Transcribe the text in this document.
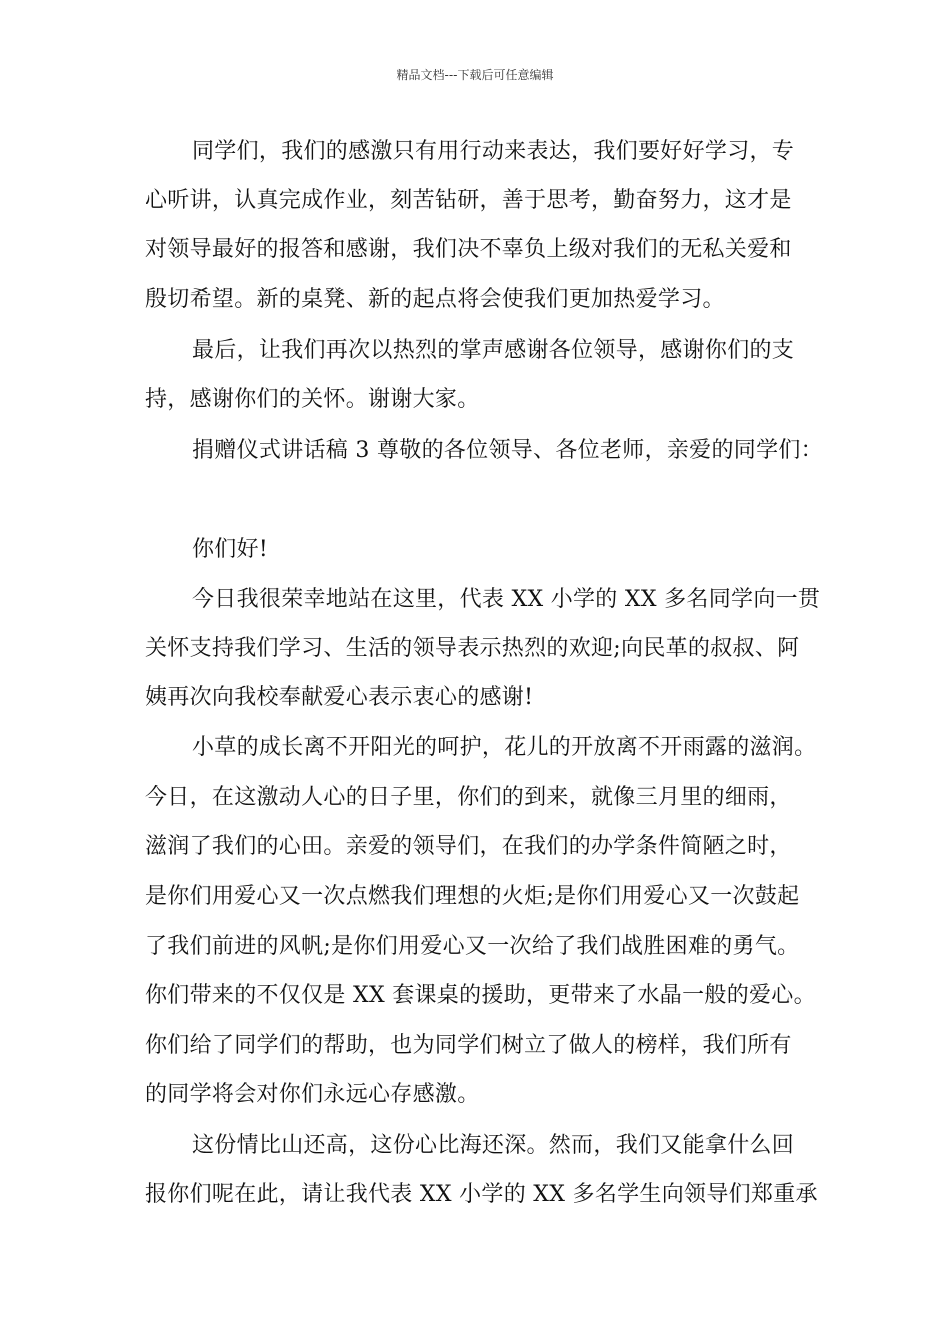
精品文档---下载后可任意编辑
同学们，我们的感激只有用行动来表达，我们要好好学习，专
心听讲，认真完成作业，刻苦钻研，善于思考，勤奋努力，这才是
对领导最好的报答和感谢，我们决不辜负上级对我们的无私关爱和
殷切希望。新的桌凳、新的起点将会使我们更加热爱学习。
最后，让我们再次以热烈的掌声感谢各位领导，感谢你们的支
持，感谢你们的关怀。谢谢大家。
捐赠仪式讲话稿 3 尊敬的各位领导、各位老师，亲爱的同学们：
你们好!
今日我很荣幸地站在这里，代表 XX 小学的 XX 多名同学向一贯
关怀支持我们学习、生活的领导表示热烈的欢迎;向民革的叔叔、阿
姨再次向我校奉献爱心表示衷心的感谢!
小草的成长离不开阳光的呵护，花儿的开放离不开雨露的滋润。
今日，在这激动人心的日子里，你们的到来，就像三月里的细雨，
滋润了我们的心田。亲爱的领导们，在我们的办学条件简陋之时，
是你们用爱心又一次点燃我们理想的火炬;是你们用爱心又一次鼓起
了我们前进的风帆;是你们用爱心又一次给了我们战胜困难的勇气。
你们带来的不仅仅是 XX 套课桌的援助，更带来了水晶一般的爱心。
你们给了同学们的帮助，也为同学们树立了做人的榜样，我们所有
的同学将会对你们永远心存感激。
这份情比山还高，这份心比海还深。然而，我们又能拿什么回
报你们呢在此，请让我代表 XX 小学的 XX 多名学生向领导们郑重承
